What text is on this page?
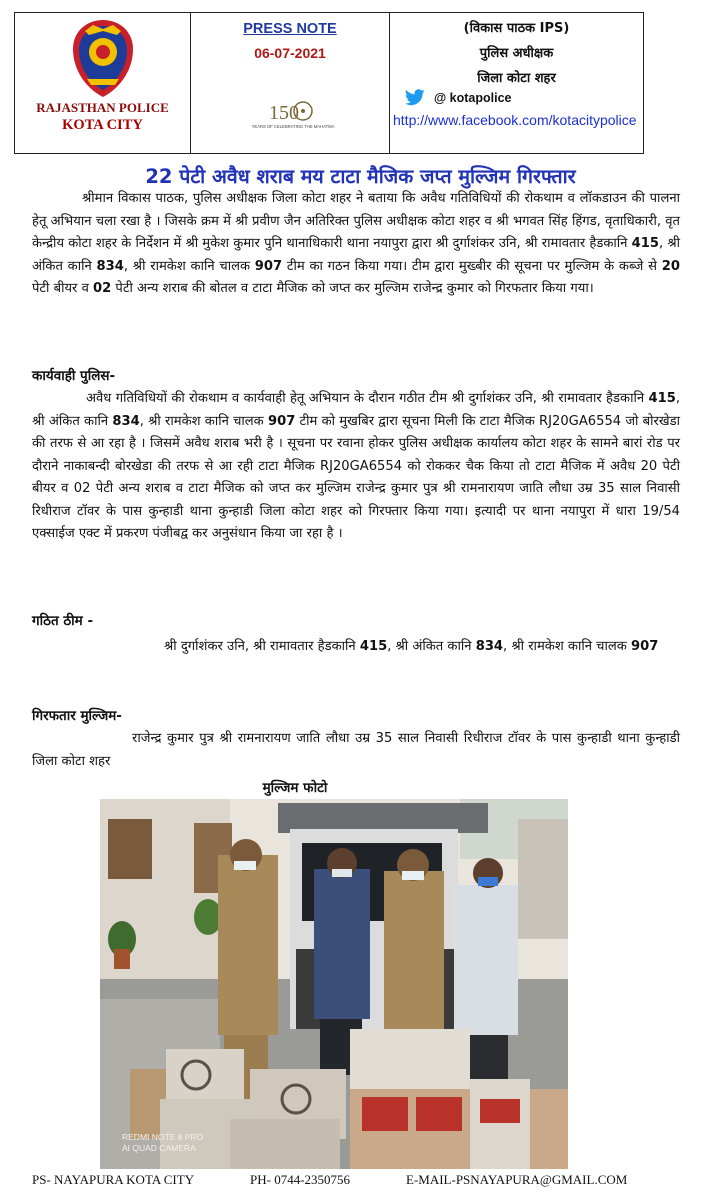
RAJASTHAN POLICE
KOTA CITY
PRESS NOTE
06-07-2021
150
YEARS OF CELEBRATING THE MAHATMA
(विकास पाठक IPS)
पुलिस अधीक्षक
जिला कोटा शहर
@ kotapolice
http://www.facebook.com/kotacitypolice
22 पेटी अवैध शराब मय टाटा मैजिक जप्त मुल्जिम गिरफ्तार

श्रीमान विकास पाठक, पुलिस अधीक्षक जिला कोटा शहर ने बताया कि अवैध गतिविधियों की रोकथाम व लॉकडाउन की पालना हेतू अभियान चला रखा है । जिसके क्रम में श्री प्रवीण जैन अतिरिक्त पुलिस अधीक्षक कोटा शहर व श्री भगवत सिंह हिंगड, वृताधिकारी, वृत केन्द्रीय कोटा शहर के निर्देशन में श्री मुकेश कुमार पुनि थानाधिकारी थाना नयापुरा द्वारा श्री दुर्गाशंकर उनि, श्री रामावतार हैडकानि 415, श्री अंकित कानि 834, श्री रामकेश कानि चालक 907 टीम का गठन किया गया। टीम द्वारा मुख्बीर की सूचना पर मुल्जिम के कब्जे से 20 पेटी बीयर व 02 पेटी अन्य शराब की बोतल व टाटा मैजिक को जप्त कर मुल्जिम राजेन्द्र कुमार को गिरफतार किया गया।

कार्यवाही पुलिस-

अवैध गतिविधियों की रोकथाम व कार्यवाही हेतू अभियान के दौरान गठीत टीम श्री दुर्गाशंकर उनि, श्री रामावतार हैडकानि 415, श्री अंकित कानि 834, श्री रामकेश कानि चालक 907 टीम को मुखबिर द्वारा सूचना मिली कि टाटा मैजिक RJ20GA6554 जो बोरखेडा की तरफ से आ रहा है । जिसमें अवैध शराब भरी है । सूचना पर रवाना होकर पुलिस अधीक्षक कार्यालय कोटा शहर के सामने बारां रोड पर दौराने नाकाबन्दी बोरखेडा की तरफ से आ रही टाटा मैजिक RJ20GA6554 को रोककर चैक किया तो टाटा मैजिक में अवैध 20 पेटी बीयर व 02 पेटी अन्य शराब व टाटा मैजिक को जप्त कर मुल्जिम राजेन्द्र कुमार पुत्र श्री रामनारायण जाति लौधा उम्र 35 साल निवासी रिधीराज टॉवर के पास कुन्हाडी थाना कुन्हाडी जिला कोटा शहर को गिरफ्तार किया गया। इत्यादी पर थाना नयापुरा में धारा 19/54 एक्साईज एक्ट में प्रकरण पंजीबद्व कर अनुसंधान किया जा रहा है ।

गठित ठीम -

श्री दुर्गाशंकर उनि, श्री रामावतार हैडकानि 415, श्री अंकित कानि 834, श्री रामकेश कानि चालक 907

गिरफतार मुल्जिम-

राजेन्द्र कुमार पुत्र श्री रामनारायण जाति लौधा उम्र 35 साल निवासी रिधीराज टॉवर के पास कुन्हाडी थाना कुन्हाडी जिला कोटा शहर

मुल्जिम फोटो
REDMI NOTE 8 PRO
AI QUAD CAMERA
PS- NAYAPURA KOTA CITY	PH- 0744-2350756	E-MAIL-PSNAYAPURA@GMAIL.COM
